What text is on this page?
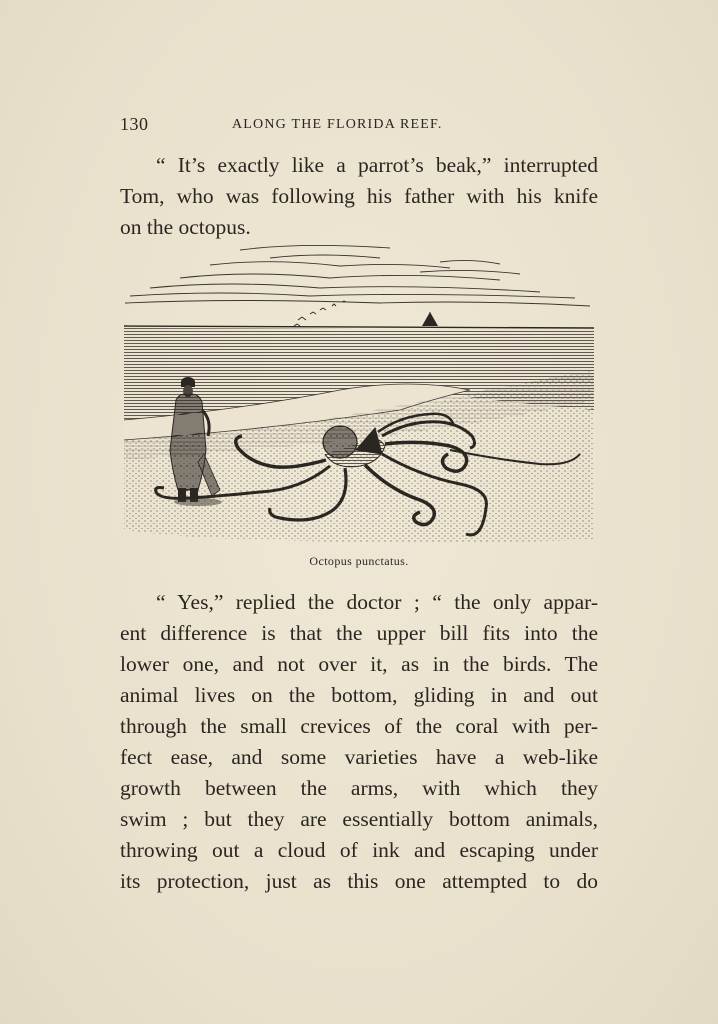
130	ALONG THE FLORIDA REEF.
“ It’s exactly like a parrot’s beak,” interrupted
Tom, who was following his father with his knife
on the octopus.
Octopus punctatus.
“ Yes,” replied the doctor ; “ the only appar-
ent difference is that the upper bill fits into the
lower one, and not over it, as in the birds. The
animal lives on the bottom, gliding in and out
through the small crevices of the coral with per-
fect ease, and some varieties have a web-like
growth between the arms, with which they
swim ; but they are essentially bottom animals,
throwing out a cloud of ink and escaping under
its protection, just as this one attempted to do
